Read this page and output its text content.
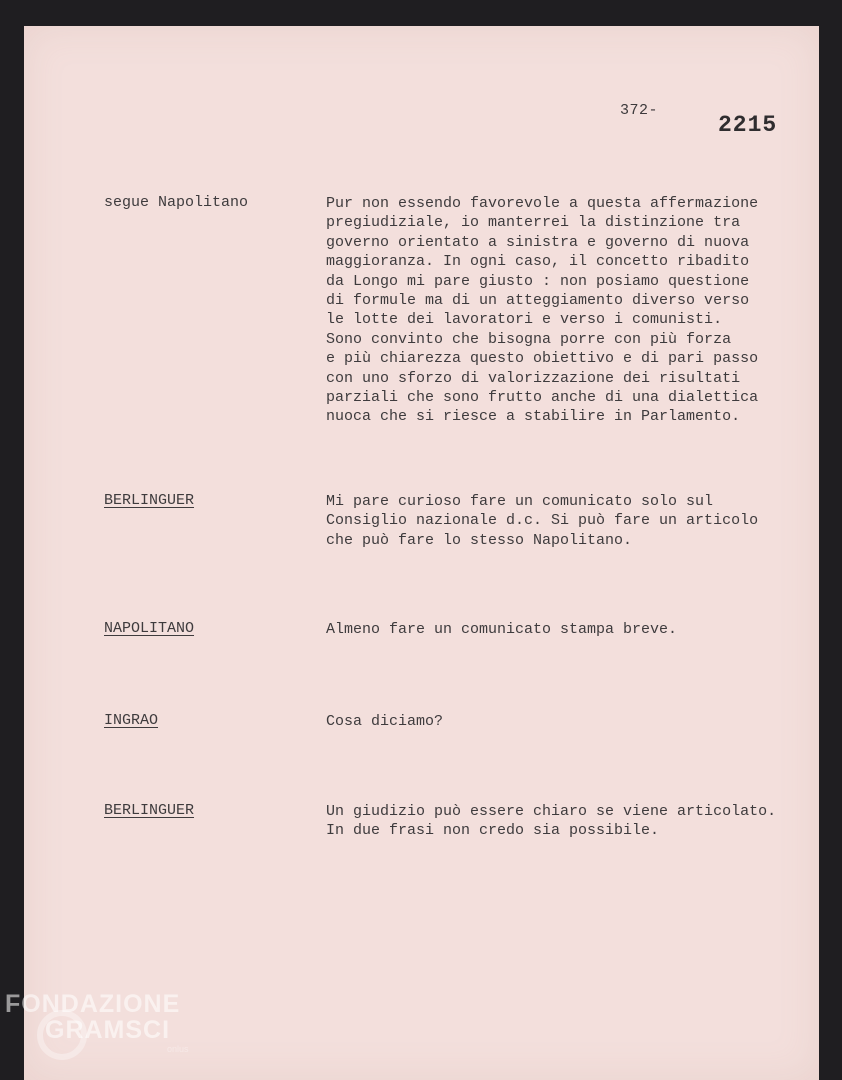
372-
2215
segue Napolitano	Pur non essendo favorevole a questa affermazione
pregiudiziale, io manterrei la distinzione tra
governo orientato a sinistra e governo di nuova
maggioranza. In ogni caso, il concetto ribadito
da Longo mi pare giusto : non posiamo questione
di formule ma di un atteggiamento diverso verso
le lotte dei lavoratori e verso i comunisti.
Sono convinto che bisogna porre con più forza
e più chiarezza questo obiettivo e di pari passo
con uno sforzo di valorizzazione dei risultati
parziali che sono frutto anche di una dialettica
nuoca che si riesce a stabilire in Parlamento.
BERLINGUER	Mi pare curioso fare un comunicato solo sul
Consiglio nazionale d.c. Si può fare un articolo
che può fare lo stesso Napolitano.
NAPOLITANO	Almeno fare un comunicato stampa breve.
INGRAO	Cosa diciamo?
BERLINGUER	Un giudizio può essere chiaro se viene articolato.
In due frasi non credo sia possibile.
FONDAZIONE
GRAMSCI
onlus
